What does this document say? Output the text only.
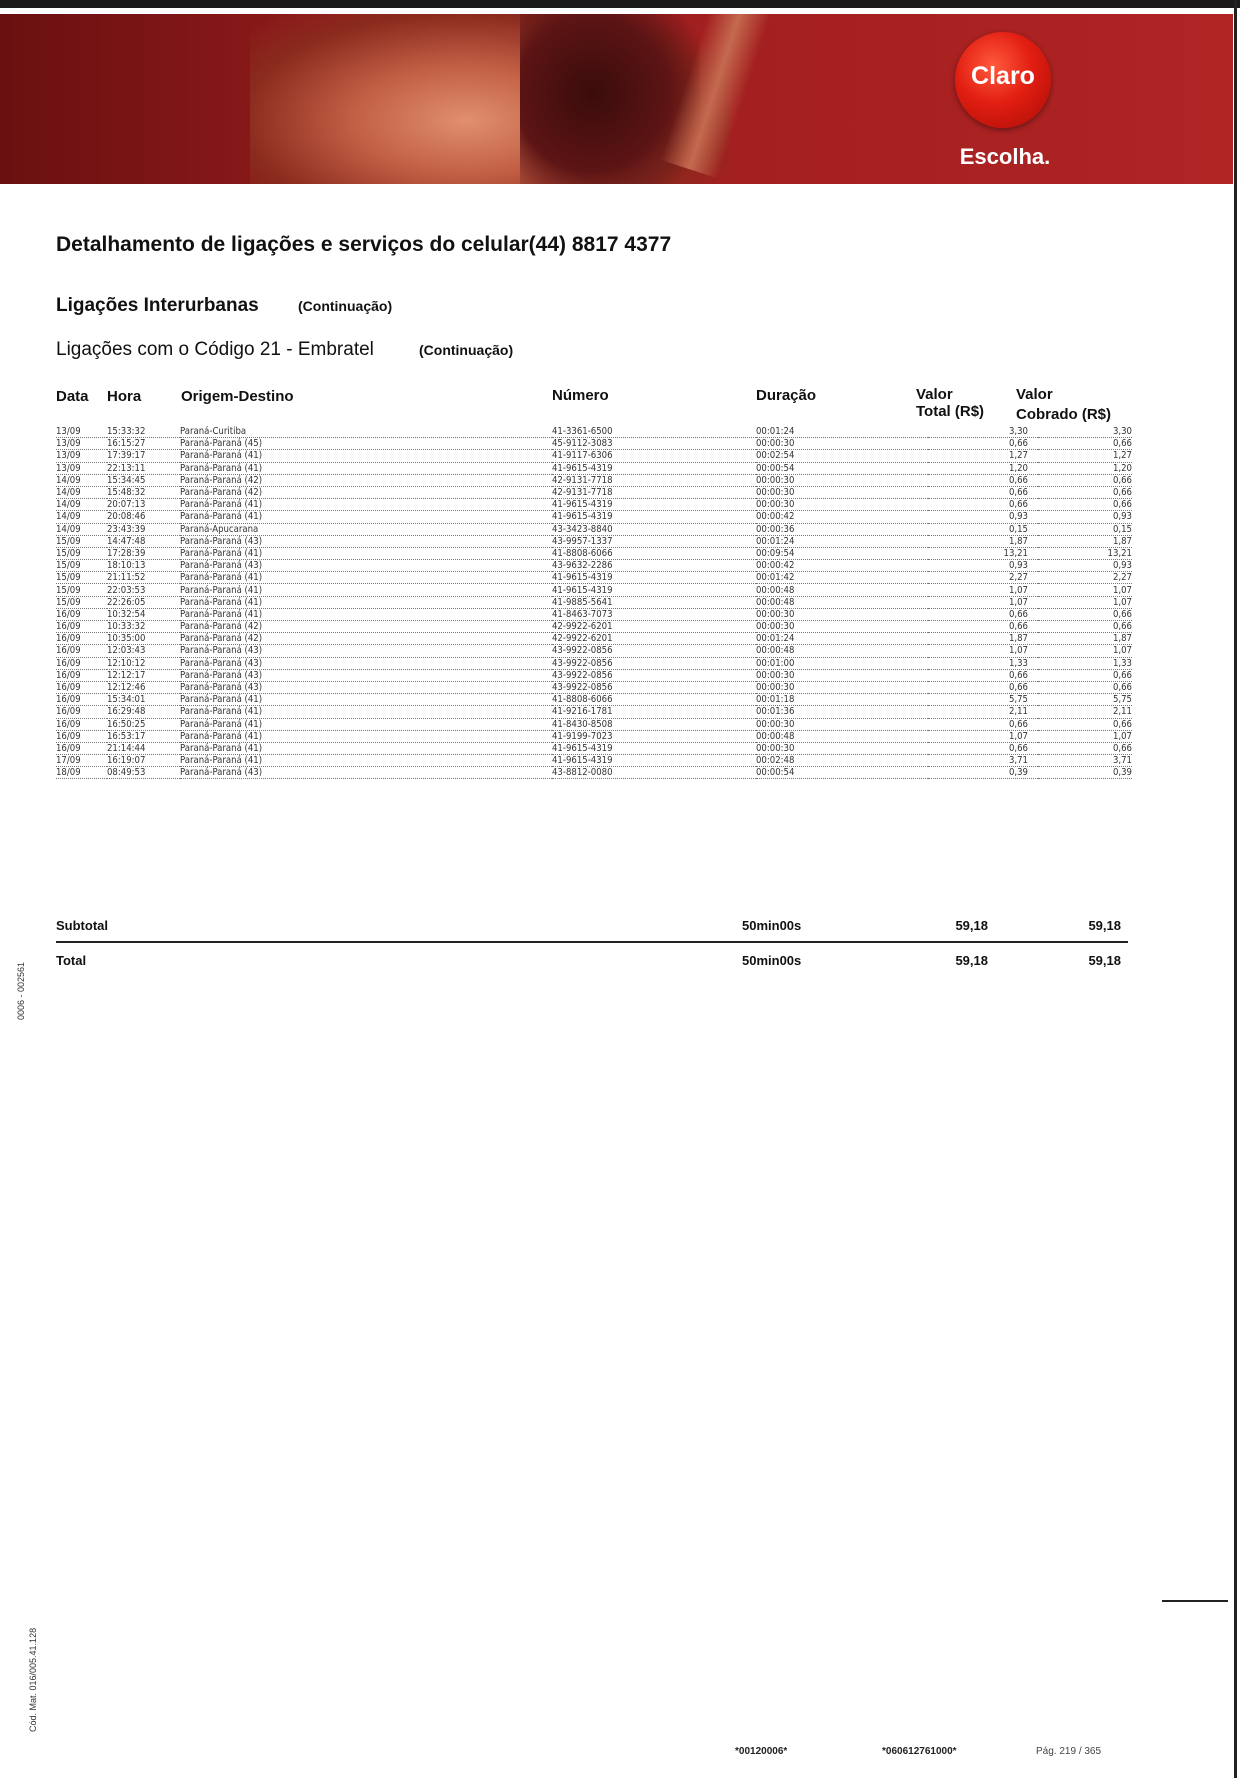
Claro
Escolha.
Detalhamento de ligações e serviços do celular(44) 8817 4377
Ligações Interurbanas	(Continuação)
Ligações com o Código 21 - Embratel	(Continuação)
Data Hora	Origem-Destino	Número	Duração	Valor
Total (R$)
Valor
Cobrado (R$)
13/09	15:33:32	Paraná-Curitiba	41-3361-6500	00:01:24	3,30	3,30
13/09	16:15:27	Paraná-Paraná (45)	45-9112-3083	00:00:30	0,66	0,66
13/09	17:39:17	Paraná-Paraná (41)	41-9117-6306	00:02:54	1,27	1,27
13/09	22:13:11	Paraná-Paraná (41)	41-9615-4319	00:00:54	1,20	1,20
14/09	15:34:45	Paraná-Paraná (42)	42-9131-7718	00:00:30	0,66	0,66
14/09	15:48:32	Paraná-Paraná (42)	42-9131-7718	00:00:30	0,66	0,66
14/09	20:07:13	Paraná-Paraná (41)	41-9615-4319	00:00:30	0,66	0,66
14/09	20:08:46	Paraná-Paraná (41)	41-9615-4319	00:00:42	0,93	0,93
14/09	23:43:39	Paraná-Apucarana	43-3423-8840	00:00:36	0,15	0,15
15/09	14:47:48	Paraná-Paraná (43)	43-9957-1337	00:01:24	1,87	1,87
15/09	17:28:39	Paraná-Paraná (41)	41-8808-6066	00:09:54	13,21	13,21
15/09	18:10:13	Paraná-Paraná (43)	43-9632-2286	00:00:42	0,93	0,93
15/09	21:11:52	Paraná-Paraná (41)	41-9615-4319	00:01:42	2,27	2,27
15/09	22:03:53	Paraná-Paraná (41)	41-9615-4319	00:00:48	1,07	1,07
15/09	22:26:05	Paraná-Paraná (41)	41-9885-5641	00:00:48	1,07	1,07
16/09	10:32:54	Paraná-Paraná (41)	41-8463-7073	00:00:30	0,66	0,66
16/09	10:33:32	Paraná-Paraná (42)	42-9922-6201	00:00:30	0,66	0,66
16/09	10:35:00	Paraná-Paraná (42)	42-9922-6201	00:01:24	1,87	1,87
16/09	12:03:43	Paraná-Paraná (43)	43-9922-0856	00:00:48	1,07	1,07
16/09	12:10:12	Paraná-Paraná (43)	43-9922-0856	00:01:00	1,33	1,33
16/09	12:12:17	Paraná-Paraná (43)	43-9922-0856	00:00:30	0,66	0,66
16/09	12:12:46	Paraná-Paraná (43)	43-9922-0856	00:00:30	0,66	0,66
16/09	15:34:01	Paraná-Paraná (41)	41-8808-6066	00:01:18	5,75	5,75
16/09	16:29:48	Paraná-Paraná (41)	41-9216-1781	00:01:36	2,11	2,11
16/09	16:50:25	Paraná-Paraná (41)	41-8430-8508	00:00:30	0,66	0,66
16/09	16:53:17	Paraná-Paraná (41)	41-9199-7023	00:00:48	1,07	1,07
16/09	21:14:44	Paraná-Paraná (41)	41-9615-4319	00:00:30	0,66	0,66
17/09	16:19:07	Paraná-Paraná (41)	41-9615-4319	00:02:48	3,71	3,71
18/09	08:49:53	Paraná-Paraná (43)	43-8812-0080	00:00:54	0,39	0,39
Subtotal	50min00s	59,18	59,18
Total	50min00s	59,18	59,18
0006 - 002561
Cód. Mat. 016/005.41.128
*00120006*	*060612761000*	Pág. 219 / 365
